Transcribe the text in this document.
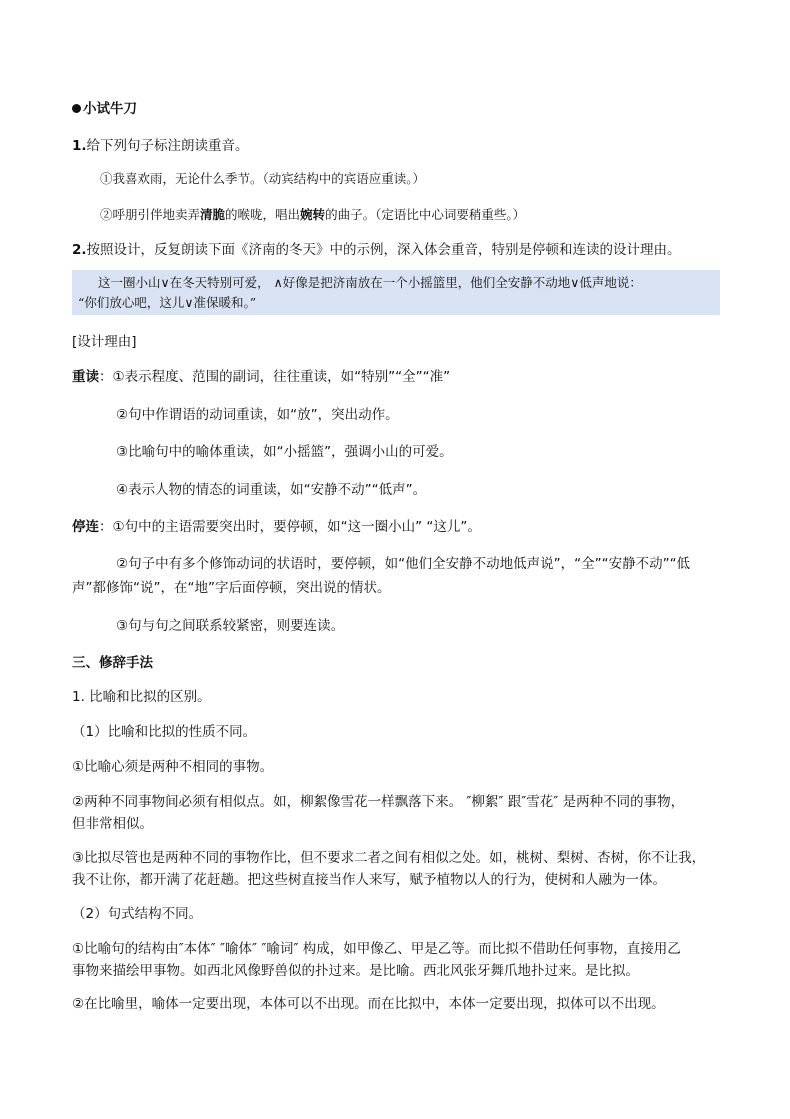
小试牛刀
1.给下列句子标注朗读重音。
①我喜欢雨，无论什么季节。（动宾结构中的宾语应重读。）
②呼朋引伴地卖弄清脆的喉咙，唱出婉转的曲子。（定语比中心词要稍重些。）
2.按照设计，反复朗读下面《济南的冬天》中的示例，深入体会重音，特别是停顿和连读的设计理由。
这一圈小山∨在冬天特别可爱， ∧好像是把济南放在一个小摇篮里，他们全安静不动地∨低声地说：
“你们放心吧，这儿∨准保暖和。”
[设计理由]
重读：①表示程度、范围的副词，往往重读，如“特别”“全”“准”
②句中作谓语的动词重读，如“放”，突出动作。
③比喻句中的喻体重读，如“小摇篮”，强调小山的可爱。
④表示人物的情态的词重读，如“安静不动”“低声”。
停连：①句中的主语需要突出时，要停顿，如“这一圈小山” “这儿”。
②句子中有多个修饰动词的状语时，要停顿，如“他们全安静不动地低声说”，“全”“安静不动”“低
声”都修饰“说”，在“地”字后面停顿，突出说的情状。
③句与句之间联系较紧密，则要连读。
三、修辞手法
1. 比喻和比拟的区别。
（1）比喻和比拟的性质不同。
①比喻心须是两种不相同的事物。
②两种不同事物间必须有相似点。如，柳絮像雪花一样飘落下来。 ″柳絮″ 跟″雪花″ 是两种不同的事物，
但非常相似。
③比拟尽管也是两种不同的事物作比，但不要求二者之间有相似之处。如，桃树、梨树、杏树，你不让我，
我不让你，都开满了花赶趟。把这些树直接当作人来写，赋予植物以人的行为，使树和人融为一体。
（2）句式结构不同。
①比喻句的结构由″本体″ ″喻体″ ″喻词″ 构成，如甲像乙、甲是乙等。而比拟不借助任何事物，直接用乙
事物来描绘甲事物。如西北风像野兽似的扑过来。是比喻。西北风张牙舞爪地扑过来。是比拟。
②在比喻里，喻体一定要出现，本体可以不出现。而在比拟中，本体一定要出现，拟体可以不出现。
